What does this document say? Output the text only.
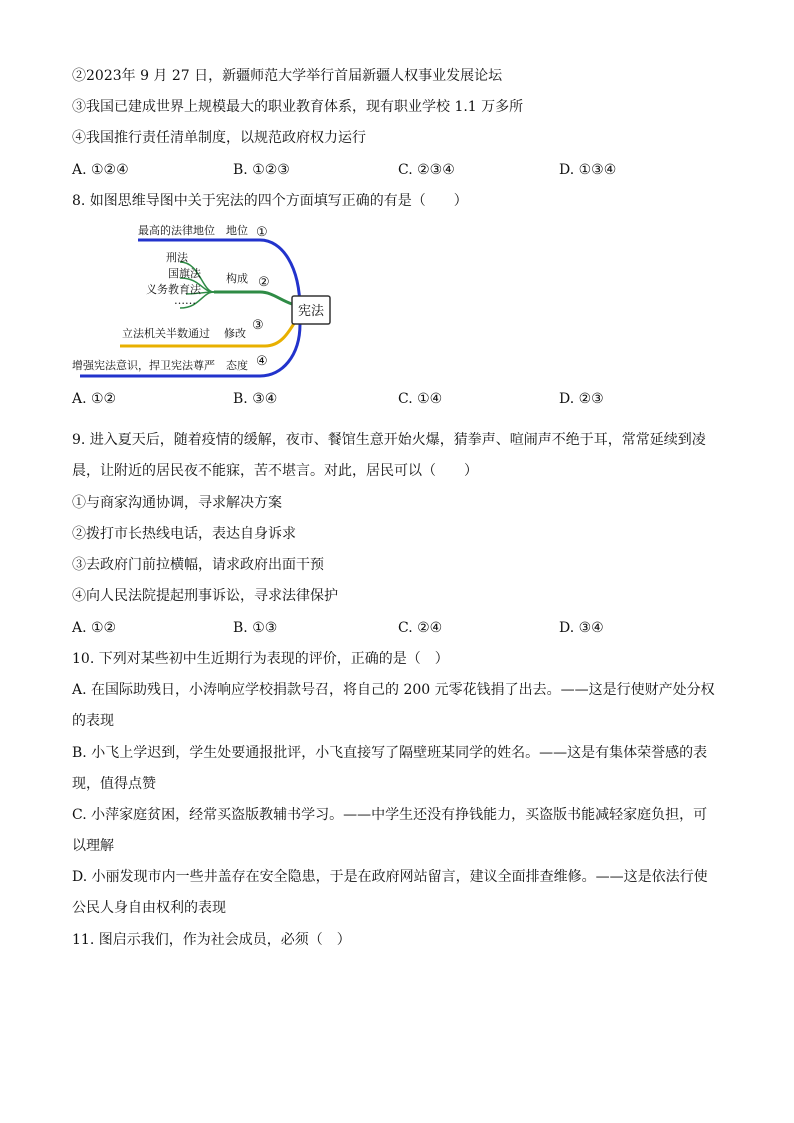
②2023年 9 月 27 日，新疆师范大学举行首届新疆人权事业发展论坛
③我国已建成世界上规模最大的职业教育体系，现有职业学校 1.1 万多所
④我国推行责任清单制度，以规范政府权力运行
A. ①②④	B. ①②③	C. ②③④	D. ①③④
8. 如图思维导图中关于宪法的四个方面填写正确的有是（　　）
宪法
最高的法律地位 地位 ①
刑法
国旗法
义务教育法
……
构成 ②
立法机关半数通过 修改
③
增强宪法意识，捍卫宪法尊严 态度 ④
A. ①②	B. ③④	C. ①④	D. ②③
9. 进入夏天后，随着疫情的缓解，夜市、餐馆生意开始火爆，猜拳声、喧闹声不绝于耳，常常延续到凌
晨，让附近的居民夜不能寐，苦不堪言。对此，居民可以（　　）
①与商家沟通协调，寻求解决方案
②拨打市长热线电话，表达自身诉求
③去政府门前拉横幅，请求政府出面干预
④向人民法院提起刑事诉讼，寻求法律保护
A. ①②	B. ①③	C. ②④	D. ③④
10. 下列对某些初中生近期行为表现的评价，正确的是（　）
A. 在国际助残日，小涛响应学校捐款号召，将自己的 200 元零花钱捐了出去。——这是行使财产处分权
的表现
B. 小飞上学迟到，学生处要通报批评，小飞直接写了隔壁班某同学的姓名。——这是有集体荣誉感的表
现，值得点赞
C. 小萍家庭贫困，经常买盗版教辅书学习。——中学生还没有挣钱能力，买盗版书能减轻家庭负担，可
以理解
D. 小丽发现市内一些井盖存在安全隐患，于是在政府网站留言，建议全面排查维修。——这是依法行使
公民人身自由权利的表现
11. 图启示我们，作为社会成员，必须（　）
